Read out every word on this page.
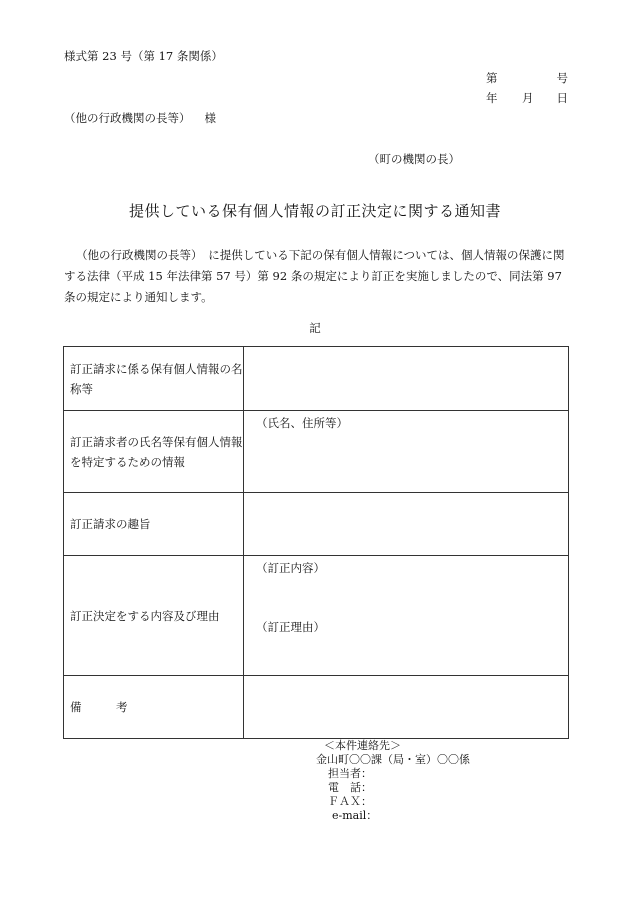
様式第 23 号（第 17 条関係）
第	号
年 月 日
（他の行政機関の長等） 様
（町の機関の長）
提供している保有個人情報の訂正決定に関する通知書
（他の行政機関の長等）　に提供している下記の保有個人情報については、個人情報の保護に関する法律（平成 15 年法律第 57 号）第 92 条の規定により訂正を実施しましたので、同法第 97 条の規定により通知します。
記
訂正請求に係る保有個人情報の名称等	
訂正請求者の氏名等保有個人情報を特定するための情報	（氏名、住所等）

訂正請求の趣旨	
訂正決定をする内容及び理由	（訂正内容）
（訂正理由）

備　　　考	
＜本件連絡先＞
金山町〇〇課（局・室）〇〇係
担当者：
電　話：
ＦＡＸ：
e-mail：
